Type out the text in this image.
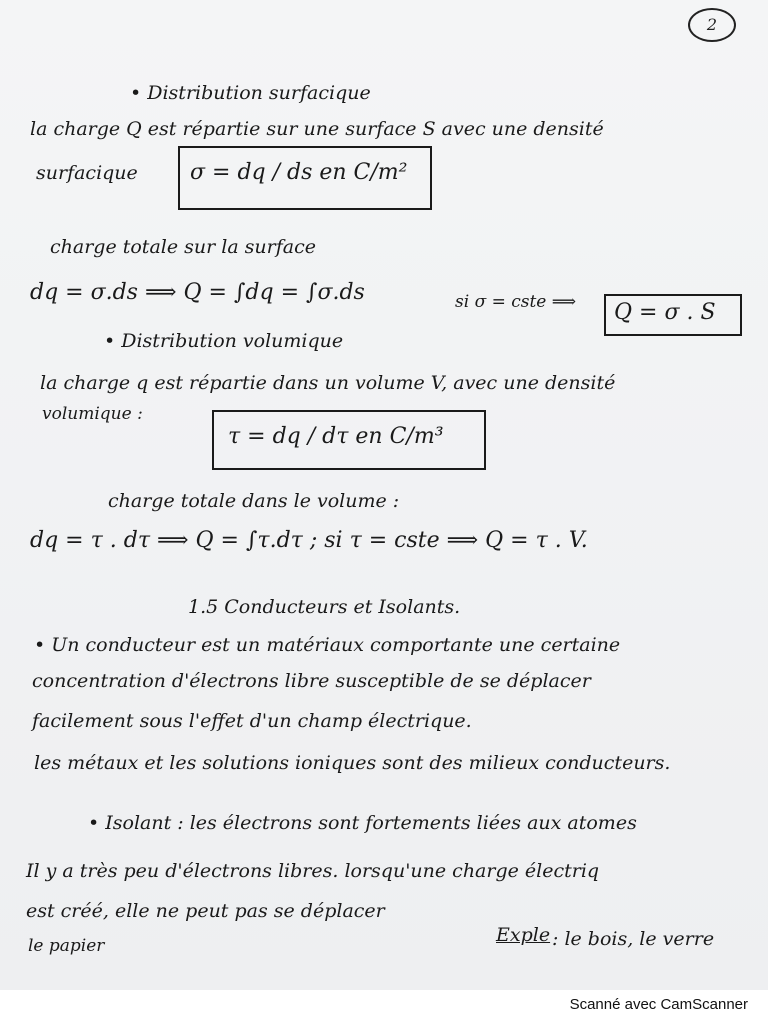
2
• Distribution surfacique
la charge Q est répartie sur une surface S avec une densité
surfacique σ = dq / ds en C/m²
charge totale sur la surface
dq = σ.ds ⟹ Q = ∫dq = ∫σ.ds	si σ = cste ⟹ Q = σ . S
• Distribution volumique
la charge q est répartie dans un volume V, avec une densité
volumique :
τ = dq / dτ en C/m³
charge totale dans le volume :
dq = τ . dτ ⟹ Q = ∫τ.dτ ; si τ = cste ⟹ Q = τ . V.
1.5 Conducteurs et Isolants.
• Un conducteur est un matériaux comportante une certaine
concentration d'électrons libre susceptible de se déplacer
facilement sous l'effet d'un champ électrique.
les métaux et les solutions ioniques sont des milieux conducteurs.
• Isolant : les électrons sont fortements liées aux atomes
Il y a très peu d'électrons libres. lorsqu'une charge électriq
est créé, elle ne peut pas se déplacer
Exple : le bois, le verre
le papier
Scanné avec CamScanner
